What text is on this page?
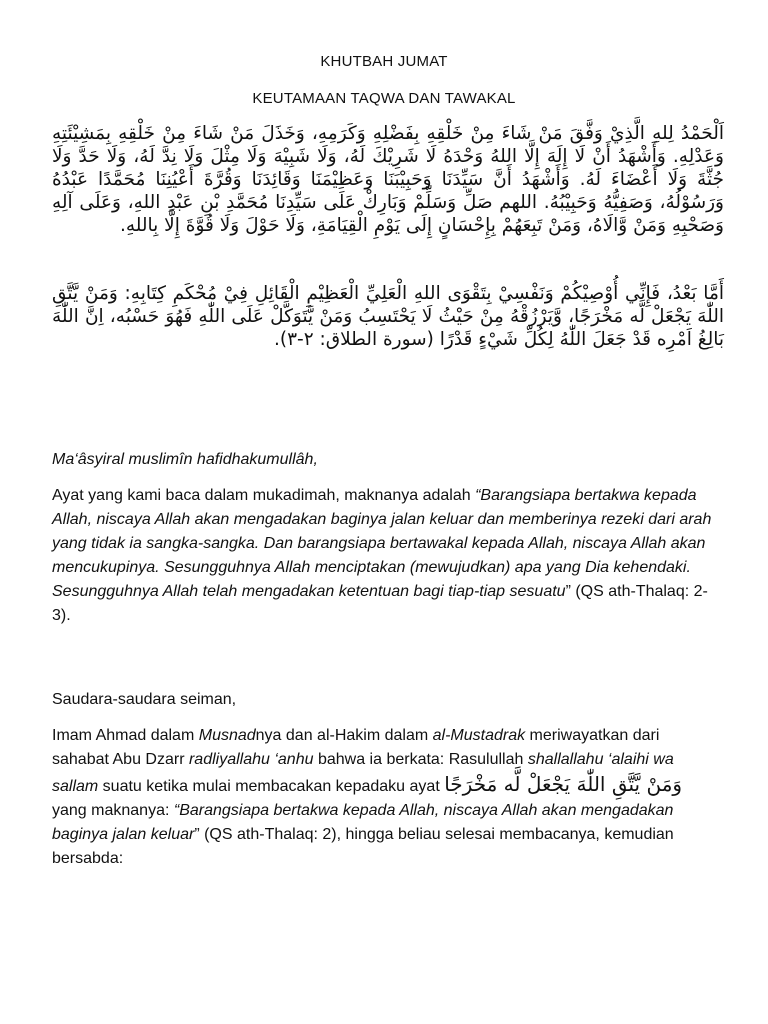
KHUTBAH JUMAT

KEUTAMAAN TAQWA DAN TAWAKAL

اَلْحَمْدُ لِلهِ الَّذِيْ وَفَّقَ مَنْ شَاءَ مِنْ خَلْقِهِ بِفَضْلِهِ وَكَرَمِهِ، وَخَذَلَ مَنْ شَاءَ مِنْ خَلْقِهِ بِمَشِيْئَتِهِ وَعَدْلِهِ. وَأَشْهَدُ أَنْ لَا إِلَهَ إِلَّا اللهُ وَحْدَهُ لَا شَرِيْكَ لَهُ، وَلَا شَبِيْهَ وَلَا مِثْلَ وَلَا نِدَّ لَهُ، وَلَا حَدَّ وَلَا جُثَّةَ وَلَا أَعْضَاءَ لَهُ. وَأَشْهَدُ أَنَّ سَيِّدَنَا وَحَبِيْبَنَا وَعَظِيْمَنَا وَقَائِدَنَا وَقُرَّةَ أَعْيُنِنَا مُحَمَّدًا عَبْدُهُ وَرَسُوْلُهُ، وَصَفِيُّهُ وَحَبِيْبُهُ. اللهم صَلِّ وَسَلِّمْ وَبَارِكْ عَلَى سَيِّدِنَا مُحَمَّدِ بْنِ عَبْدِ اللهِ، وَعَلَى آلِهِ وَصَحْبِهِ وَمَنْ وَّالَاهُ، وَمَنْ تَبِعَهُمْ بِإِحْسَانٍ إِلَى يَوْمِ الْقِيَامَةِ، وَلَا حَوْلَ وَلَا قُوَّةَ إِلَّا بِاللهِ.

أَمَّا بَعْدُ، فَإِنِّي أُوْصِيْكُمْ وَنَفْسِيْ بِتَقْوَى اللهِ الْعَلِيِّ الْعَظِيْمِ الْقَائِلِ فِيْ مُحْكَمِ كِتَابِهِ: وَمَنْ يَّتَّقِ اللّٰهَ يَجْعَلْ لَّه مَخْرَجًا، وَّيَرْزُقْهُ مِنْ حَيْثُ لَا يَحْتَسِبُ وَمَنْ يَّتَوَكَّلْ عَلَى اللّٰهِ فَهُوَ حَسْبُه، اِنَّ اللّٰهَ بَالِغُ اَمْرِه قَدْ جَعَلَ اللّٰهُ لِكُلِّ شَيْءٍ قَدْرًا (سورة الطلاق: ٢-٣).

Ma‘âsyiral muslimîn hafidhakumullâh,

Ayat yang kami baca dalam mukadimah, maknanya adalah “Barangsiapa bertakwa kepada Allah, niscaya Allah akan mengadakan baginya jalan keluar dan memberinya rezeki dari arah yang tidak ia sangka-sangka. Dan barangsiapa bertawakal kepada Allah, niscaya Allah akan mencukupinya. Sesungguhnya Allah menciptakan (mewujudkan) apa yang Dia kehendaki. Sesungguhnya Allah telah mengadakan ketentuan bagi tiap-tiap sesuatu” (QS ath-Thalaq: 2-3).

Saudara-saudara seiman,

Imam Ahmad dalam Musnadnya dan al-Hakim dalam al-Mustadrak meriwayatkan dari sahabat Abu Dzarr radliyallahu ‘anhu bahwa ia berkata: Rasulullah shallallahu ‘alaihi wa sallam suatu ketika mulai membacakan kepadaku ayat وَمَنْ يَّتَّقِ اللّٰهَ يَجْعَلْ لَّه مَخْرَجًا yang maknanya: “Barangsiapa bertakwa kepada Allah, niscaya Allah akan mengadakan baginya jalan keluar” (QS ath-Thalaq: 2), hingga beliau selesai membacanya, kemudian bersabda:
